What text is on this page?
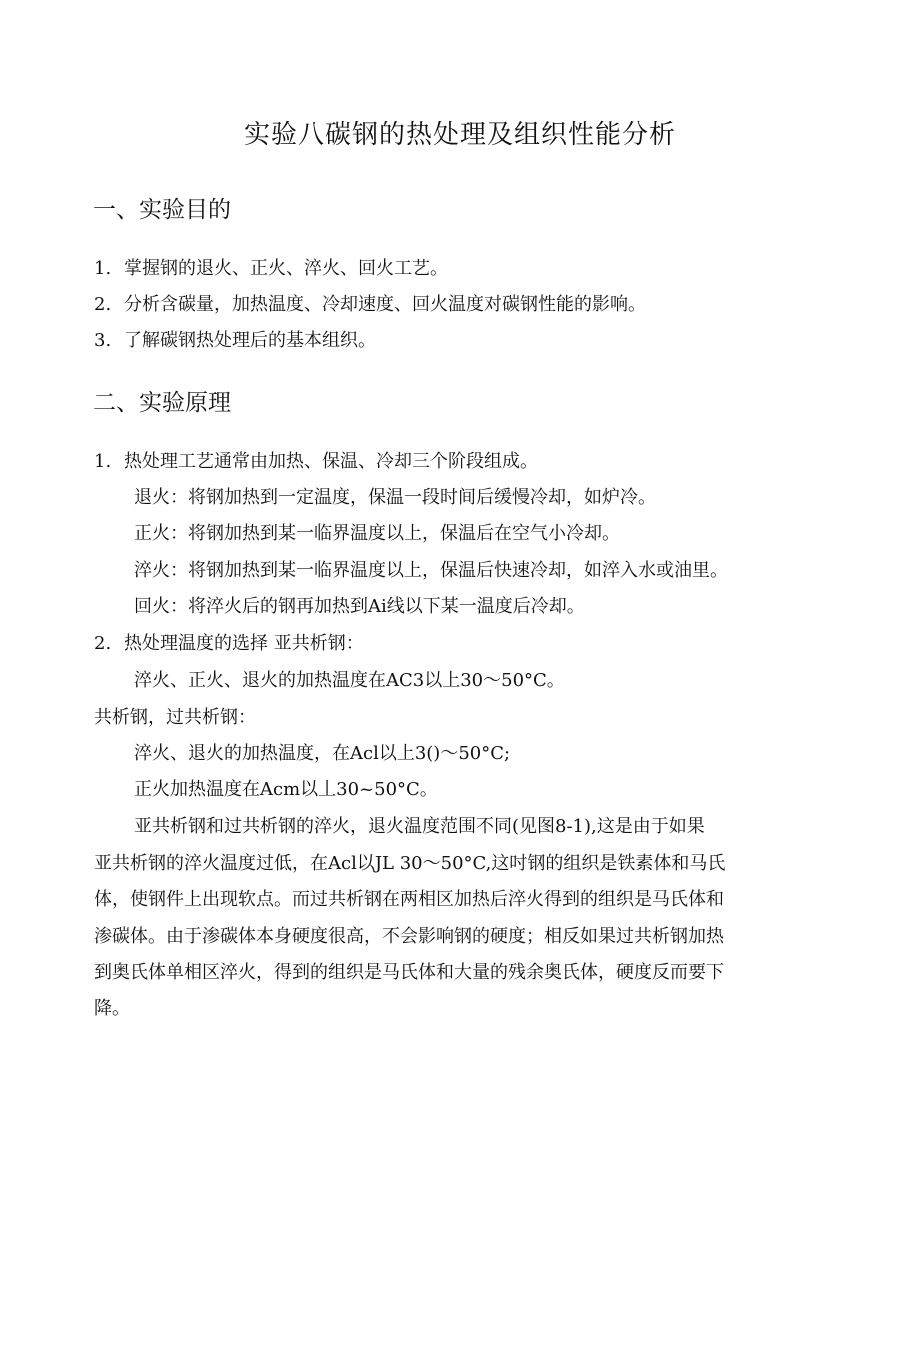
实验八碳钢的热处理及组织性能分析
一、实验目的
1. 掌握钢的退火、正火、淬火、回火工艺。
2. 分析含碳量，加热温度、冷却速度、回火温度对碳钢性能的影响。
3. 了解碳钢热处理后的基本组织。
二、实验原理
1. 热处理工艺通常由加热、保温、冷却三个阶段组成。
退火：将钢加热到一定温度，保温一段时间后缓慢冷却，如炉冷。
正火：将钢加热到某一临界温度以上，保温后在空气小冷却。
淬火：将钢加热到某一临界温度以上，保温后快速冷却，如淬入水或油里。
回火：将淬火后的钢再加热到Ai线以下某一温度后冷却。
2. 热处理温度的选择 亚共析钢：
淬火、正火、退火的加热温度在AC3以上30～50°C。
共析钢，过共析钢：
淬火、退火的加热温度，在Acl以上3()～50°C;
正火加热温度在Acm以丄30~50°C。
亚共析钢和过共析钢的淬火，退火温度范围不同(见图8-1),这是由于如果
亚共析钢的淬火温度过低，在Acl以JL 30～50°C,这吋钢的组织是铁素体和马氏
体，使钢件上出现软点。而过共析钢在两相区加热后淬火得到的组织是马氏体和
渗碳体。由于渗碳体本身硬度很高，不会影响钢的硬度；相反如果过共析钢加热
到奥氏体单相区淬火，得到的组织是马氏体和大量的残余奥氏体，硬度反而要下
降。
